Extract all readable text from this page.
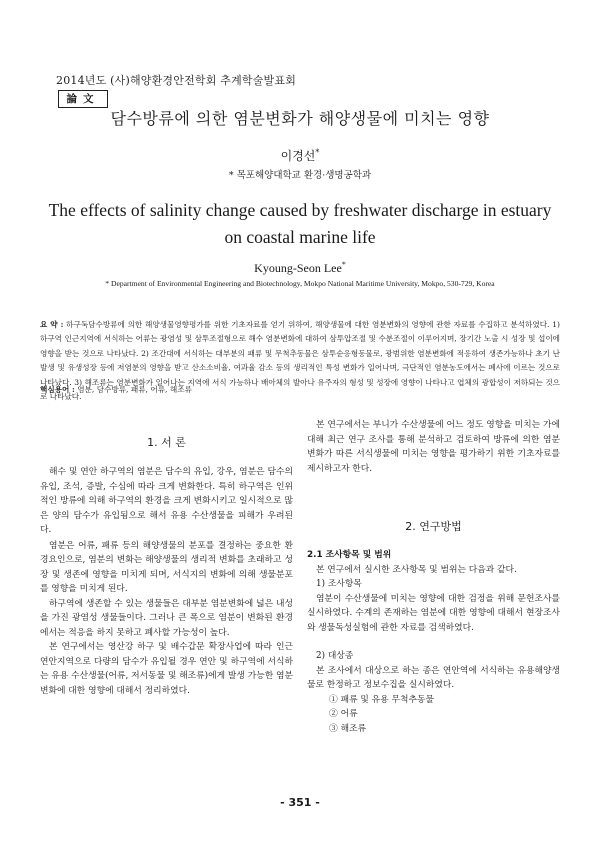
2014년도 (사)해양환경안전학회 추계학술발표회
論文
담수방류에 의한 염분변화가 해양생물에 미치는 영향
이경선*
* 목포해양대학교 환경·생명공학과
The effects of salinity change caused by freshwater discharge in estuary
on coastal marine life
Kyoung-Seon Lee*
* Department of Environmental Engineering and Biotechnology, Mokpo National Maritime University, Mokpo, 530-729, Korea
요 약 : 하구둑담수방류에 의한 해양생물영향평가를 위한 기초자료를 얻기 위하여, 해양생물에 대한 염분변화의 영향에 관한 자료를 수집하고 분석하였다. 1) 하구역 인근지역에 서식하는 어류는 광염성 및 삼투조절형으로 해수 염분변화에 대하여 삼투압조절 및 수분조절이 이루어지며, 장기간 노출 시 성장 및 섭이에 영향을 받는 것으로 나타났다. 2) 조간대에 서식하는 대부분의 패류 및 무척추동물은 삼투순응형동물로, 광범위한 염분변화에 적응하여 생존가능하나 초기 난발생 및 유생성장 등에 저염분의 영향을 받고 산소소비율, 여과율 감소 등의 생리적인 특성 변화가 일어나며, 극단적인 염분농도에서는 폐사에 이르는 것으로 나타났다. 3) 해조류는 염분변화가 일어나는 지역에 서식 가능하나 배아체의 발아나 유주자의 형성 및 성장에 영향이 나타나고 엽체의 광합성이 저하되는 것으로 나타났다.
핵심용어 : 염분, 담수방류, 패류, 어류, 해조류
1. 서 론

해수 및 연안 하구역의 염분은 담수의 유입, 강우, 염분은 담수의 유입, 조석, 증발, 수심에 따라 크게 변화한다. 특히 하구역은 인위적인 방류에 의해 하구역의 환경을 크게 변화시키고 일시적으로 많은 양의 담수가 유입됨으로 해서 유용 수산생물을 피해가 우려된다.

염분은 어류, 패류 등의 해양생물의 분포를 결정하는 중요한 환경요인으로, 염분의 변화는 해양생물의 생리적 변화를 초래하고 성장 및 생존에 영향을 미치게 되며, 서식지의 변화에 의해 생물분포를 영향을 미치게 된다.

하구역에 생존할 수 있는 생물들은 대부분 염분변화에 넓은 내성을 가진 광염성 생물들이다. 그러나 큰 폭으로 염분이 변화된 환경에서는 적응을 하지 못하고 폐사할 가능성이 높다.

본 연구에서는 영산강 하구 및 배수갑문 확장사업에 따라 인근 연안지역으로 다량의 담수가 유입될 경우 연안 및 하구역에 서식하는 유용 수산생물(어류, 저서동물 및 해조류)에게 발생 가능한 염분변화에 대한 영향에 대해서 정리하였다.

본 연구에서는 부니가 수산생물에 어느 정도 영향을 미치는 가에 대해 최근 연구 조사를 통해 분석하고 검토하여 방류에 의한 염분변화가 따른 서식생물에 미치는 영향을 평가하기 위한 기초자료를 제시하고자 한다.

2. 연구방법

2.1 조사항목 및 범위

본 연구에서 실시한 조사항목 및 범위는 다음과 같다.

1) 조사항목

염분이 수산생물에 미치는 영향에 대한 검정을 위해 문헌조사를 실시하였다. 수계의 존재하는 염분에 대한 영향에 대해서 현장조사와 생물독성실험에 관한 자료를 검색하였다.

2) 대상종

본 조사에서 대상으로 하는 종은 연안역에 서식하는 유용해양생물로 한정하고 정보수집을 실시하였다.

① 패류 및 유용 무척추동물

② 어류

③ 해조류

- 351 -
